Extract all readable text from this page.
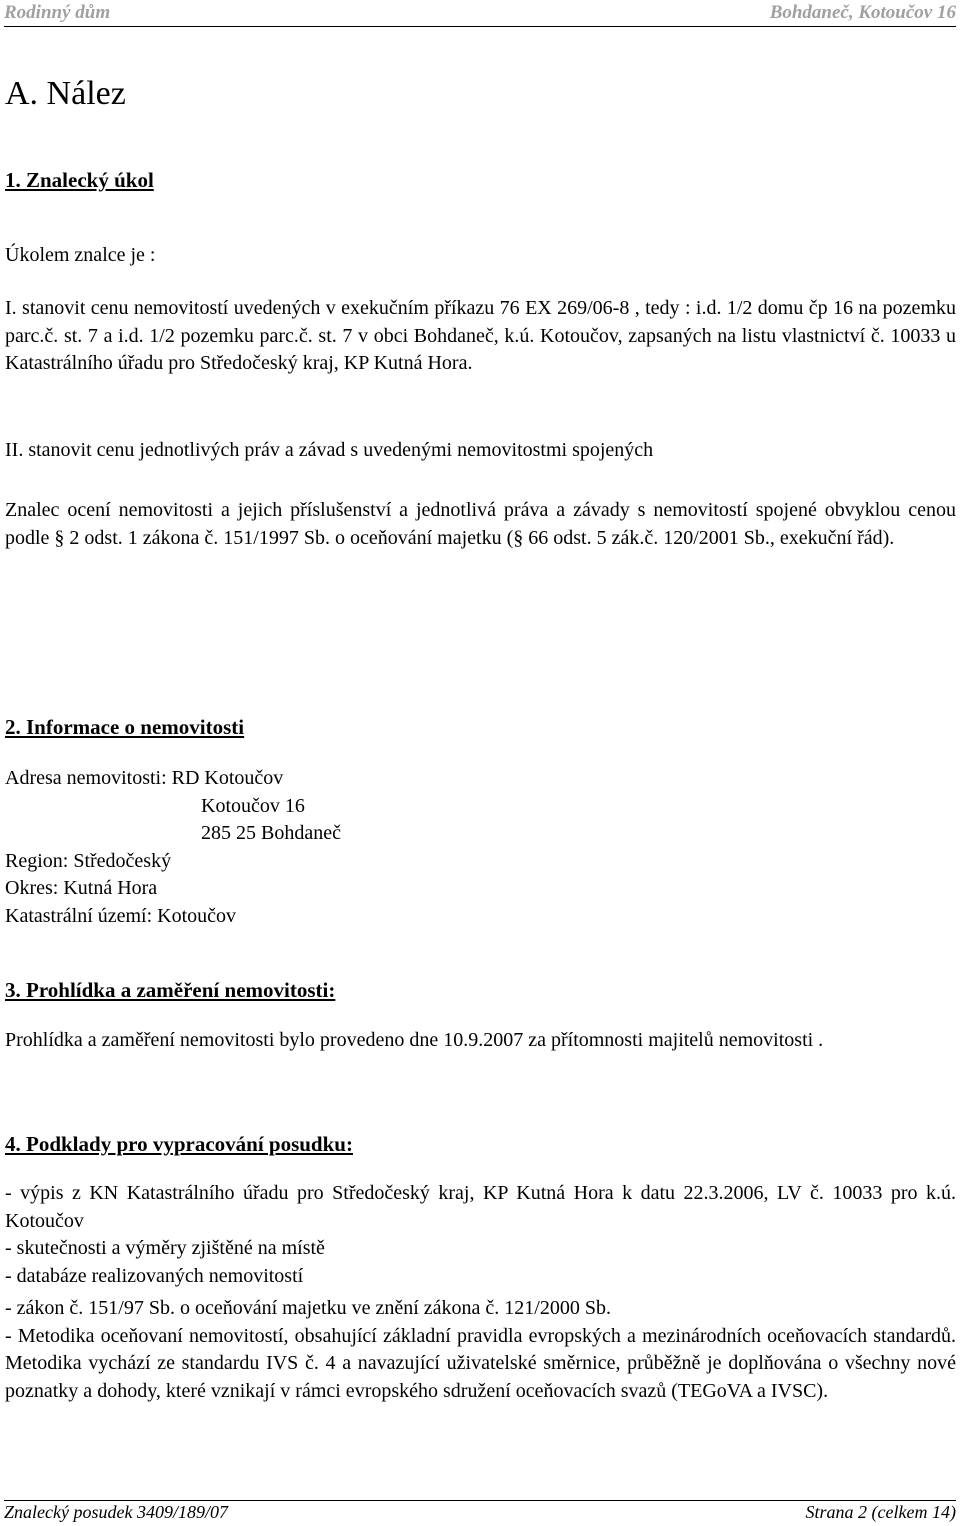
Rodinný dům	Bohdaneč, Kotoučov 16
A. Nález
1. Znalecký úkol
Úkolem znalce je :

I. stanovit cenu nemovitostí uvedených v exekučním příkazu 76 EX 269/06-8 , tedy : i.d. 1/2 domu čp 16 na pozemku parc.č. st. 7 a i.d. 1/2 pozemku parc.č. st. 7 v obci Bohdaneč, k.ú. Kotoučov, zapsaných na listu vlastnictví č. 10033 u Katastrálního úřadu pro Středočeský kraj, KP Kutná Hora.

II. stanovit cenu jednotlivých práv a závad s uvedenými nemovitostmi spojených

Znalec ocení nemovitosti a jejich příslušenství a jednotlivá práva a závady s nemovitostí spojené obvyklou cenou podle § 2 odst. 1 zákona č. 151/1997 Sb. o oceňování majetku (§ 66 odst. 5 zák.č. 120/2001 Sb., exekuční řád).

2. Informace o nemovitosti
Adresa nemovitosti: RD Kotoučov
Kotoučov 16
285 25 Bohdaneč
Region: Středočeský
Okres: Kutná Hora
Katastrální území: Kotoučov
3. Prohlídka a zaměření nemovitosti:

Prohlídka a zaměření nemovitosti bylo provedeno dne 10.9.2007 za přítomnosti majitelů nemovitosti .

4. Podklady pro vypracování posudku:

- výpis z KN Katastrálního úřadu pro Středočeský kraj, KP Kutná Hora k datu 22.3.2006, LV č. 10033 pro k.ú. Kotoučov

- skutečnosti a výměry zjištěné na místě

- databáze realizovaných nemovitostí

- zákon č. 151/97 Sb. o oceňování majetku ve znění zákona č. 121/2000 Sb.

- Metodika oceňovaní nemovitostí, obsahující základní pravidla evropských a mezinárodních oceňovacích standardů. Metodika vychází ze standardu IVS č. 4 a navazující uživatelské směrnice, průběžně je doplňována o všechny nové poznatky a dohody, které vznikají v rámci evropského sdružení oceňovacích svazů (TEGoVA a IVSC).

Znalecký posudek 3409/189/07	Strana 2 (celkem 14)
